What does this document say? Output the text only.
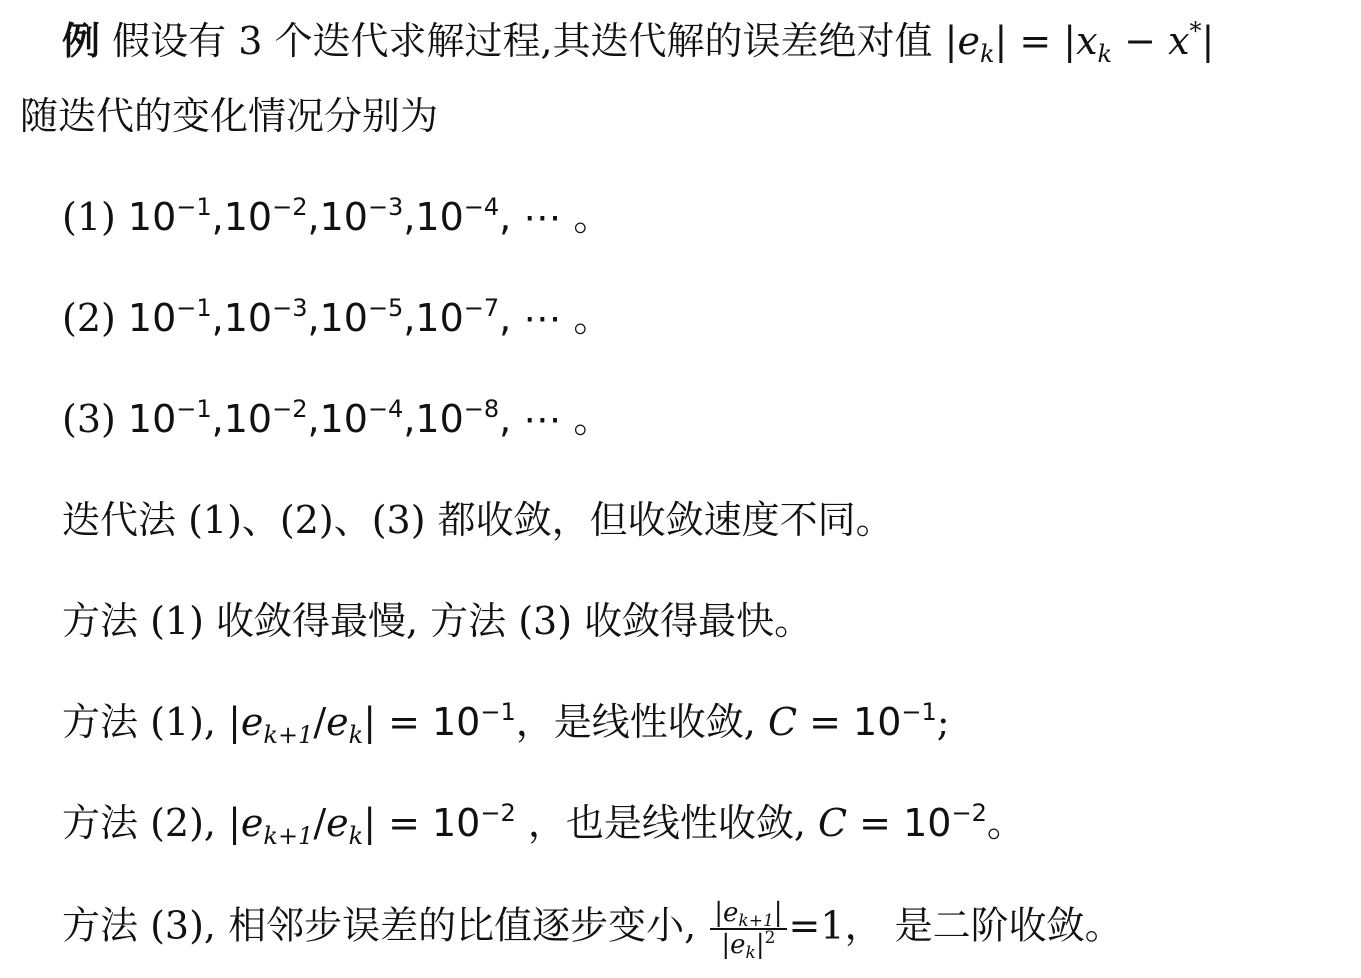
例 假设有 3 个迭代求解过程,其迭代解的误差绝对值 $|e_k| = |x_k - x^*|$
随迭代的变化情况分别为
(1) $10^{-1},10^{-2},10^{-3},10^{-4}$, ⋯ 。
(2) $10^{-1},10^{-3},10^{-5},10^{-7}$, ⋯ 。
(3) $10^{-1},10^{-2},10^{-4},10^{-8}$, ⋯ 。
迭代法 (1)、(2)、(3) 都收敛，但收敛速度不同。
方法 (1) 收敛得最慢, 方法 (3) 收敛得最快。
方法 (1), $|e_{k+1}/e_k| = 10^{-1}$，是线性收敛, $C = 10^{-1}$;
方法 (2), $|e_{k+1}/e_k| = 10^{-2}$ ，也是线性收敛, $C = 10^{-2}$。
方法 (3), 相邻步误差的比值逐步变小, $\frac{|e_{k+1}|}{|e_k|^2} =1$， 是二阶收敛。
